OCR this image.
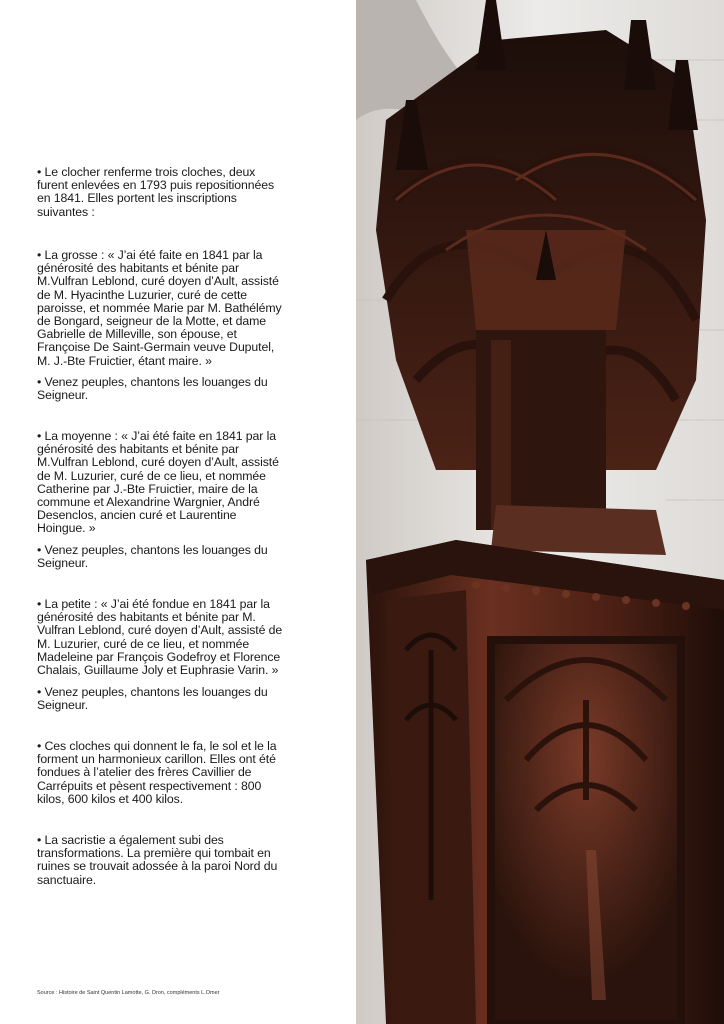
• Le clocher renferme trois cloches, deux
furent enlevées en 1793 puis repositionnées
en 1841. Elles portent les inscriptions
suivantes :
• La grosse : « J’ai été faite en 1841 par la
générosité des habitants et bénite par
M.Vulfran Leblond, curé doyen d’Ault, assisté
de M. Hyacinthe Luzurier, curé de cette
paroisse, et nommée Marie par M. Bathélémy
de Bongard, seigneur de la Motte, et dame
Gabrielle de Milleville, son épouse, et
Françoise De Saint-Germain veuve Duputel,
M. J.-Bte Fruictier, étant maire. »
• Venez peuples, chantons les louanges du
Seigneur.
• La moyenne : « J’ai été faite en 1841 par la
générosité des habitants et bénite par
M.Vulfran Leblond, curé doyen d’Ault, assisté
de M. Luzurier, curé de ce lieu, et nommée
Catherine par J.-Bte Fruictier, maire de la
commune et Alexandrine Wargnier, André
Desenclos, ancien curé et Laurentine
Hoingue. »
• Venez peuples, chantons les louanges du
Seigneur.
• La petite : « J’ai été fondue en 1841 par la
générosité des habitants et bénite par M.
Vulfran Leblond, curé doyen d’Ault, assisté de
M. Luzurier, curé de ce lieu, et nommée
Madeleine par François Godefroy et Florence
Chalais, Guillaume Joly et Euphrasie Varin. »
• Venez peuples, chantons les louanges du
Seigneur.
• Ces cloches qui donnent le fa, le sol et le la
forment un harmonieux carillon. Elles ont été
fondues à l’atelier des frères Cavillier de
Carrépuits et pèsent respectivement : 800
kilos, 600 kilos et 400 kilos.
• La sacristie a également subi des
transformations. La première qui tombait en
ruines se trouvait adossée à la paroi Nord du
sanctuaire.
Source : Histoire de Saint Quentin Lamotte, G. Dron, compléments L.Omer
